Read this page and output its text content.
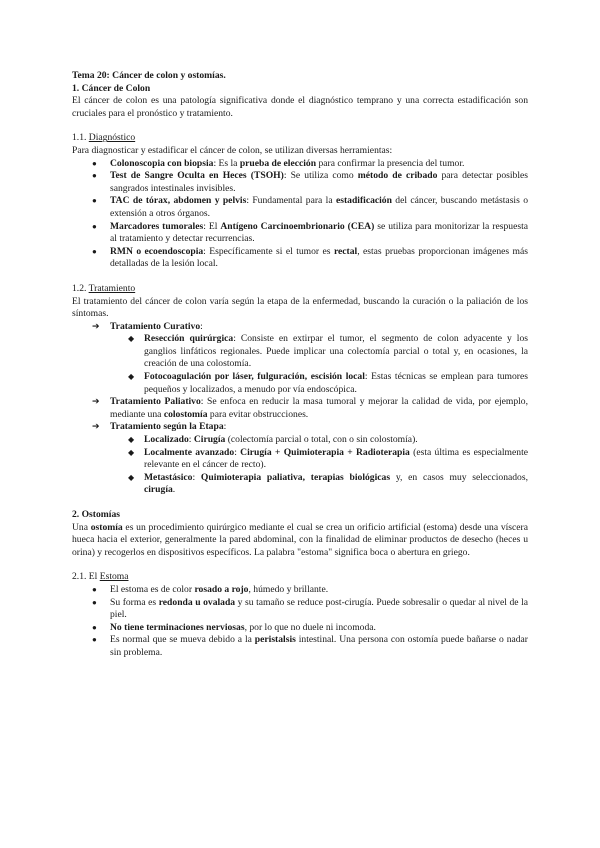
Tema 20: Cáncer de colon y ostomías.

1. Cáncer de Colon

El cáncer de colon es una patología significativa donde el diagnóstico temprano y una correcta estadificación son cruciales para el pronóstico y tratamiento.

1.1. Diagnóstico

Para diagnosticar y estadificar el cáncer de colon, se utilizan diversas herramientas:

● Colonoscopia con biopsia: Es la prueba de elección para confirmar la presencia del tumor.
● Test de Sangre Oculta en Heces (TSOH): Se utiliza como método de cribado para detectar posibles sangrados intestinales invisibles.
● TAC de tórax, abdomen y pelvis: Fundamental para la estadificación del cáncer, buscando metástasis o extensión a otros órganos.
● Marcadores tumorales: El Antígeno Carcinoembrionario (CEA) se utiliza para monitorizar la respuesta al tratamiento y detectar recurrencias.
● RMN o ecoendoscopia: Específicamente si el tumor es rectal, estas pruebas proporcionan imágenes más detalladas de la lesión local.

1.2. Tratamiento

El tratamiento del cáncer de colon varía según la etapa de la enfermedad, buscando la curación o la paliación de los síntomas.

➔ Tratamiento Curativo:
◆ Resección quirúrgica: Consiste en extirpar el tumor, el segmento de colon adyacente y los ganglios linfáticos regionales. Puede implicar una colectomía parcial o total y, en ocasiones, la creación de una colostomía.
◆ Fotocoagulación por láser, fulguración, escisión local: Estas técnicas se emplean para tumores pequeños y localizados, a menudo por vía endoscópica.
➔ Tratamiento Paliativo: Se enfoca en reducir la masa tumoral y mejorar la calidad de vida, por ejemplo, mediante una colostomía para evitar obstrucciones.
➔ Tratamiento según la Etapa:
◆ Localizado: Cirugía (colectomía parcial o total, con o sin colostomía).
◆ Localmente avanzado: Cirugía + Quimioterapia + Radioterapia (esta última es especialmente relevante en el cáncer de recto).
◆ Metastásico: Quimioterapia paliativa, terapias biológicas y, en casos muy seleccionados, cirugía.

2. Ostomías

Una ostomía es un procedimiento quirúrgico mediante el cual se crea un orificio artificial (estoma) desde una víscera hueca hacia el exterior, generalmente la pared abdominal, con la finalidad de eliminar productos de desecho (heces u orina) y recogerlos en dispositivos específicos. La palabra "estoma" significa boca o abertura en griego.

2.1. El Estoma

● El estoma es de color rosado a rojo, húmedo y brillante.
● Su forma es redonda u ovalada y su tamaño se reduce post-cirugía. Puede sobresalir o quedar al nivel de la piel.
● No tiene terminaciones nerviosas, por lo que no duele ni incomoda.
● Es normal que se mueva debido a la peristalsis intestinal. Una persona con ostomía puede bañarse o nadar sin problema.
